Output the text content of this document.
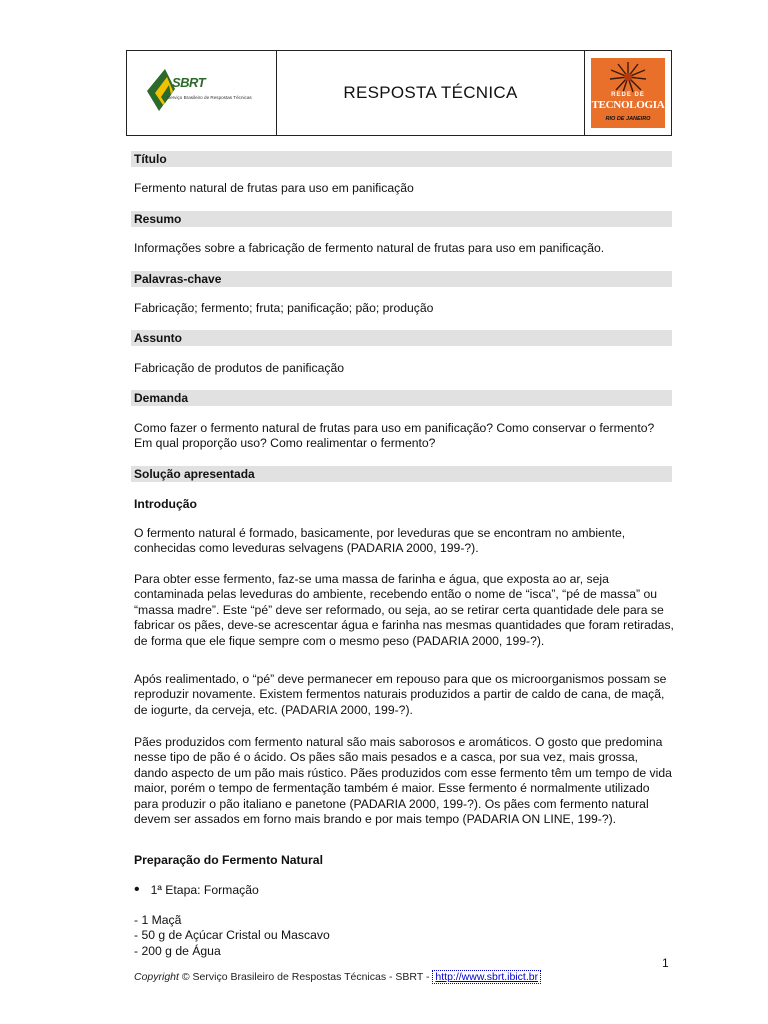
SBRT
Serviço Brasileiro de Respostas Técnicas	RESPOSTA TÉCNICA	REDE DE
TECNOLOGIA
RIO DE JANEIRO
Título
Fermento natural de frutas para uso em panificação
Resumo
Informações sobre a fabricação de fermento natural de frutas para uso em panificação.
Palavras-chave
Fabricação; fermento; fruta; panificação; pão; produção
Assunto
Fabricação de produtos de panificação
Demanda
Como fazer o fermento natural de frutas para uso em panificação? Como conservar o fermento? Em qual proporção uso? Como realimentar o fermento?
Solução apresentada
Introdução
O fermento natural é formado, basicamente, por leveduras que se encontram no ambiente, conhecidas como leveduras selvagens (PADARIA 2000, 199-?).
Para obter esse fermento, faz-se uma massa de farinha e água, que exposta ao ar, seja contaminada pelas leveduras do ambiente, recebendo então o nome de “isca”, “pé de massa” ou “massa madre”. Este “pé” deve ser reformado, ou seja, ao se retirar certa quantidade dele para se fabricar os pães, deve-se acrescentar água e farinha nas mesmas quantidades que foram retiradas, de forma que ele fique sempre com o mesmo peso (PADARIA 2000, 199-?).
Após realimentado, o “pé” deve permanecer em repouso para que os microorganismos possam se reproduzir novamente. Existem fermentos naturais produzidos a partir de caldo de cana, de maçã, de iogurte, da cerveja, etc. (PADARIA 2000, 199-?).
Pães produzidos com fermento natural são mais saborosos e aromáticos. O gosto que predomina nesse tipo de pão é o ácido. Os pães são mais pesados e a casca, por sua vez, mais grossa, dando aspecto de um pão mais rústico. Pães produzidos com esse fermento têm um tempo de vida maior, porém o tempo de fermentação também é maior. Esse fermento é normalmente utilizado para produzir o pão italiano e panetone (PADARIA 2000, 199-?). Os pães com fermento natural devem ser assados em forno mais brando e por mais tempo (PADARIA ON LINE, 199-?).
Preparação do Fermento Natural
• 1ª Etapa: Formação
- 1 Maçã
- 50 g de Açúcar Cristal ou Mascavo
- 200 g de Água
1
Copyright © Serviço Brasileiro de Respostas Técnicas - SBRT - http://www.sbrt.ibict.br
